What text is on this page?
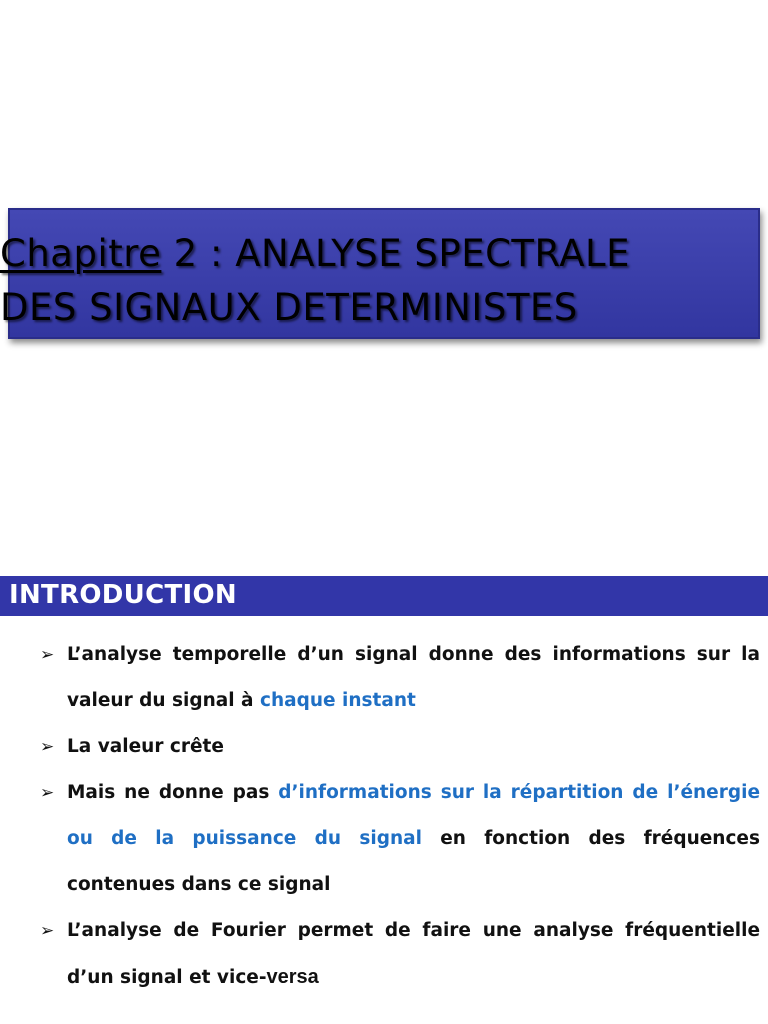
Chapitre 2 : ANALYSE SPECTRALE
DES SIGNAUX DETERMINISTES
INTRODUCTION
➢ L’analyse temporelle d’un signal donne des informations sur la valeur du signal à chaque instant
➢ La valeur crête
➢ Mais ne donne pas d’informations sur la répartition de l’énergie ou de la puissance du signal en fonction des fréquences contenues dans ce signal
➢ L’analyse de Fourier permet de faire une analyse fréquentielle d’un signal et vice-versa
